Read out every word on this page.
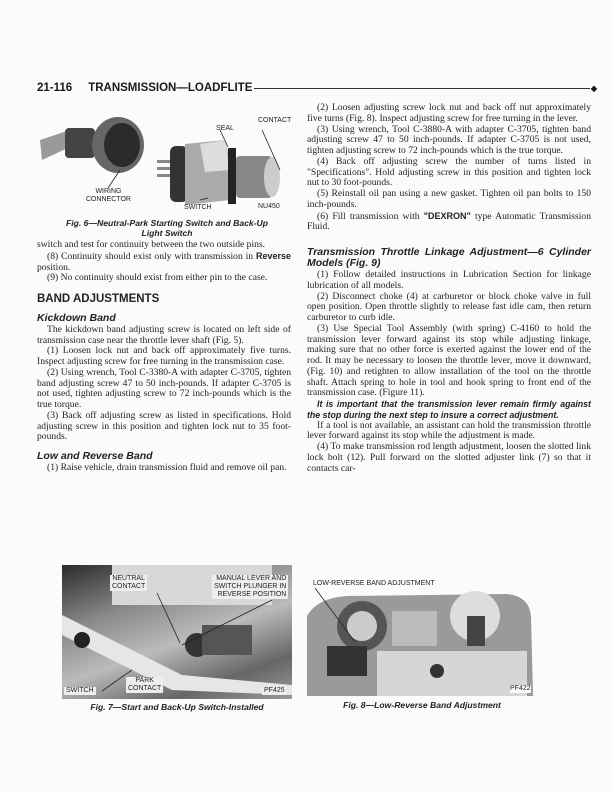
21-116 TRANSMISSION—LOADFLITE	◆
CONTACT
SEAL
WIRING
CONNECTOR
SWITCH	NU450
Fig. 6—Neutral-Park Starting Switch and Back-Up Light Switch

switch and test for continuity between the two outside pins.

(8) Continuity should exist only with transmission in Reverse position.

(9) No continuity should exist from either pin to the case.

BAND ADJUSTMENTS
Kickdown Band

The kickdown band adjusting screw is located on left side of transmission case near the throttle lever shaft (Fig. 5).

(1) Loosen lock nut and back off approximately five turns. Inspect adjusting screw for free turning in the transmission case.

(2) Using wrench, Tool C-3380-A with adapter C-3705, tighten band adjusting screw 47 to 50 inch-pounds. If adapter C-3705 is not used, tighten adjusting screw to 72 inch-pounds which is the true torque.

(3) Back off adjusting screw as listed in specifications. Hold adjusting screw in this position and tighten lock nut to 35 foot-pounds.

Low and Reverse Band

(1) Raise vehicle, drain transmission fluid and remove oil pan.

(2) Loosen adjusting screw lock nut and back off nut approximately five turns (Fig. 8). Inspect adjusting screw for free turning in the lever.

(3) Using wrench, Tool C-3880-A with adapter C-3705, tighten band adjusting screw 47 to 50 inch-pounds. If adapter C-3705 is not used, tighten adjusting screw to 72 inch-pounds which is the true torque.

(4) Back off adjusting screw the number of turns listed in "Specifications". Hold adjusting screw in this position and tighten lock nut to 30 foot-pounds.

(5) Reinstall oil pan using a new gasket. Tighten oil pan bolts to 150 inch-pounds.

(6) Fill transmission with "DEXRON" type Automatic Transmission Fluid.

Transmission Throttle Linkage Adjustment—6 Cylinder Models (Fig. 9)

(1) Follow detailed instructions in Lubrication Section for linkage lubrication of all models.

(2) Disconnect choke (4) at carburetor or block choke valve in full open position. Open throttle slightly to release fast idle cam, then return carburetor to curb idle.

(3) Use Special Tool Assembly (with spring) C-4160 to hold the transmission lever forward against its stop while adjusting linkage, making sure that no other force is exerted against the lower end of the rod. It may be necessary to loosen the throttle lever, move it downward, (Fig. 10) and retighten to allow installation of the tool on the throttle shaft. Attach spring to hole in tool and hook spring to front end of the transmission case. (Figure 11).

It is important that the transmission lever remain firmly against the stop during the next step to insure a correct adjustment.

If a tool is not available, an assistant can hold the transmission throttle lever forward against its stop while the adjustment is made.

(4) To make transmission rod length adjustment, loosen the slotted link lock bolt (12). Pull forward on the slotted adjuster link (7) so that it contacts car-

NEUTRAL
CONTACT
MANUAL LEVER AND
SWITCH PLUNGER IN
REVERSE POSITION
PARK
CONTACT
SWITCH	PF425
Fig. 7—Start and Back-Up Switch-Installed
LOW-REVERSE BAND ADJUSTMENT
PF422
Fig. 8—Low-Reverse Band Adjustment
